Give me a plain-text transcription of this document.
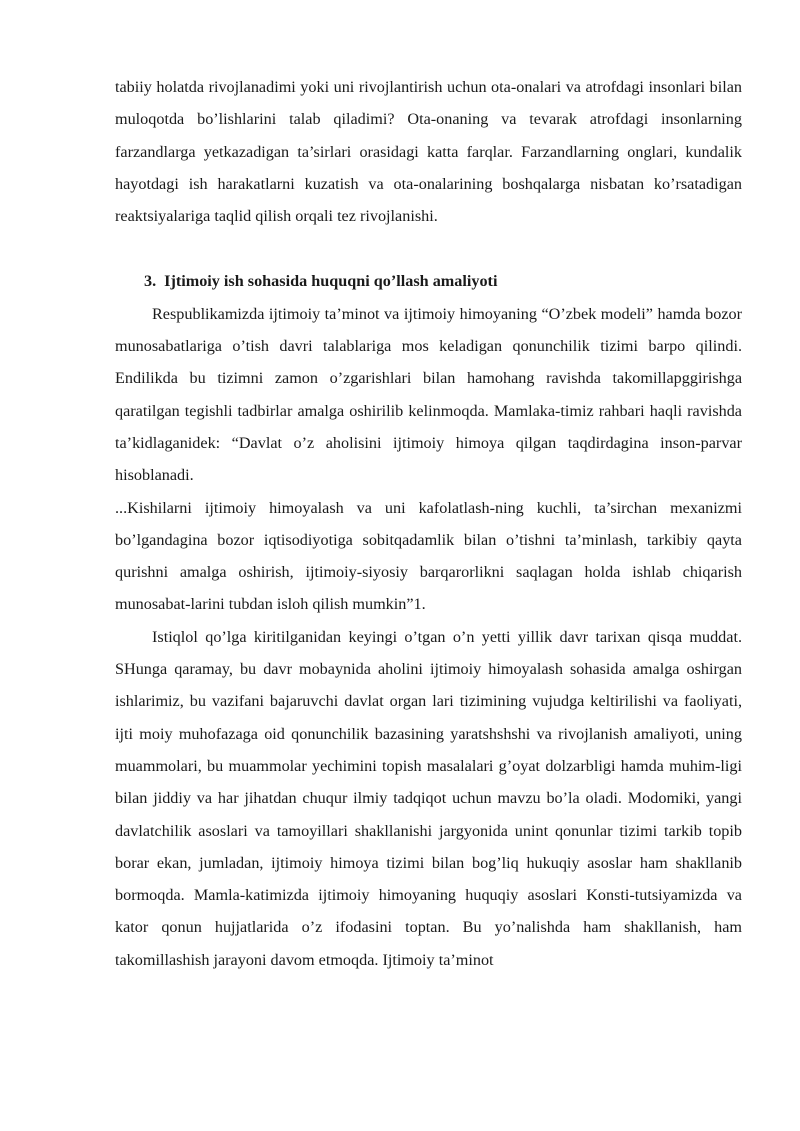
tabiiy holatda rivojlanadimi yoki uni rivojlantirish uchun ota-onalari va atrofdagi insonlari bilan muloqotda bo’lishlarini talab qiladimi? Ota-onaning va tevarak atrofdagi insonlarning farzandlarga yetkazadigan ta’sirlari orasidagi katta farqlar. Farzandlarning onglari, kundalik hayotdagi ish harakatlarni kuzatish va ota-onalarining boshqalarga nisbatan ko’rsatadigan reaktsiyalariga taqlid qilish orqali tez rivojlanishi.

3. Ijtimoiy ish sohasida huquqni qo’llash amaliyoti

Respublikamizda ijtimoiy ta’minot va ijtimoiy himoyaning “O’zbek modeli” hamda bozor munosabatlariga o’tish davri talablariga mos keladigan qonunchilik tizimi barpo qilindi. Endilikda bu tizimni zamon o’zgarishlari bilan hamohang ravishda takomillapggirishga qaratilgan tegishli tadbirlar amalga oshirilib kelinmoqda. Mamlaka-timiz rahbari haqli ravishda ta’kidlaganidek: “Davlat o’z aholisini ijtimoiy himoya qilgan taqdirdagina inson-parvar hisoblanadi.

...Kishilarni ijtimoiy himoyalash va uni kafolatlash-ning kuchli, ta’sirchan mexanizmi bo’lgandagina bozor iqtisodiyotiga sobitqadamlik bilan o’tishni ta’minlash, tarkibiy qayta qurishni amalga oshirish, ijtimoiy-siyosiy barqarorlikni saqlagan holda ishlab chiqarish munosabat-larini tubdan isloh qilish mumkin”1.

Istiqlol qo’lga kiritilganidan keyingi o’tgan o’n yetti yillik davr tarixan qisqa muddat. SHunga qaramay, bu davr mobaynida aholini ijtimoiy himoyalash sohasida amalga oshirgan ishlarimiz, bu vazifani bajaruvchi davlat organ lari tizimining vujudga keltirilishi va faoliyati, ijti moiy muhofazaga oid qonunchilik bazasining yaratshshshi va rivojlanish amaliyoti, uning muammolari, bu muammolar yechimini topish masalalari g’oyat dolzarbligi hamda muhim-ligi bilan jiddiy va har jihatdan chuqur ilmiy tadqiqot uchun mavzu bo’la oladi. Modomiki, yangi davlatchilik asoslari va tamoyillari shakllanishi jargyonida unint qonunlar tizimi tarkib topib borar ekan, jumladan, ijtimoiy himoya tizimi bilan bog’liq hukuqiy asoslar ham shakllanib bormoqda. Mamla-katimizda ijtimoiy himoyaning huquqiy asoslari Konsti-tutsiyamizda va kator qonun hujjatlarida o’z ifodasini toptan. Bu yo’nalishda ham shakllanish, ham takomillashish jarayoni davom etmoqda. Ijtimoiy ta’minot
